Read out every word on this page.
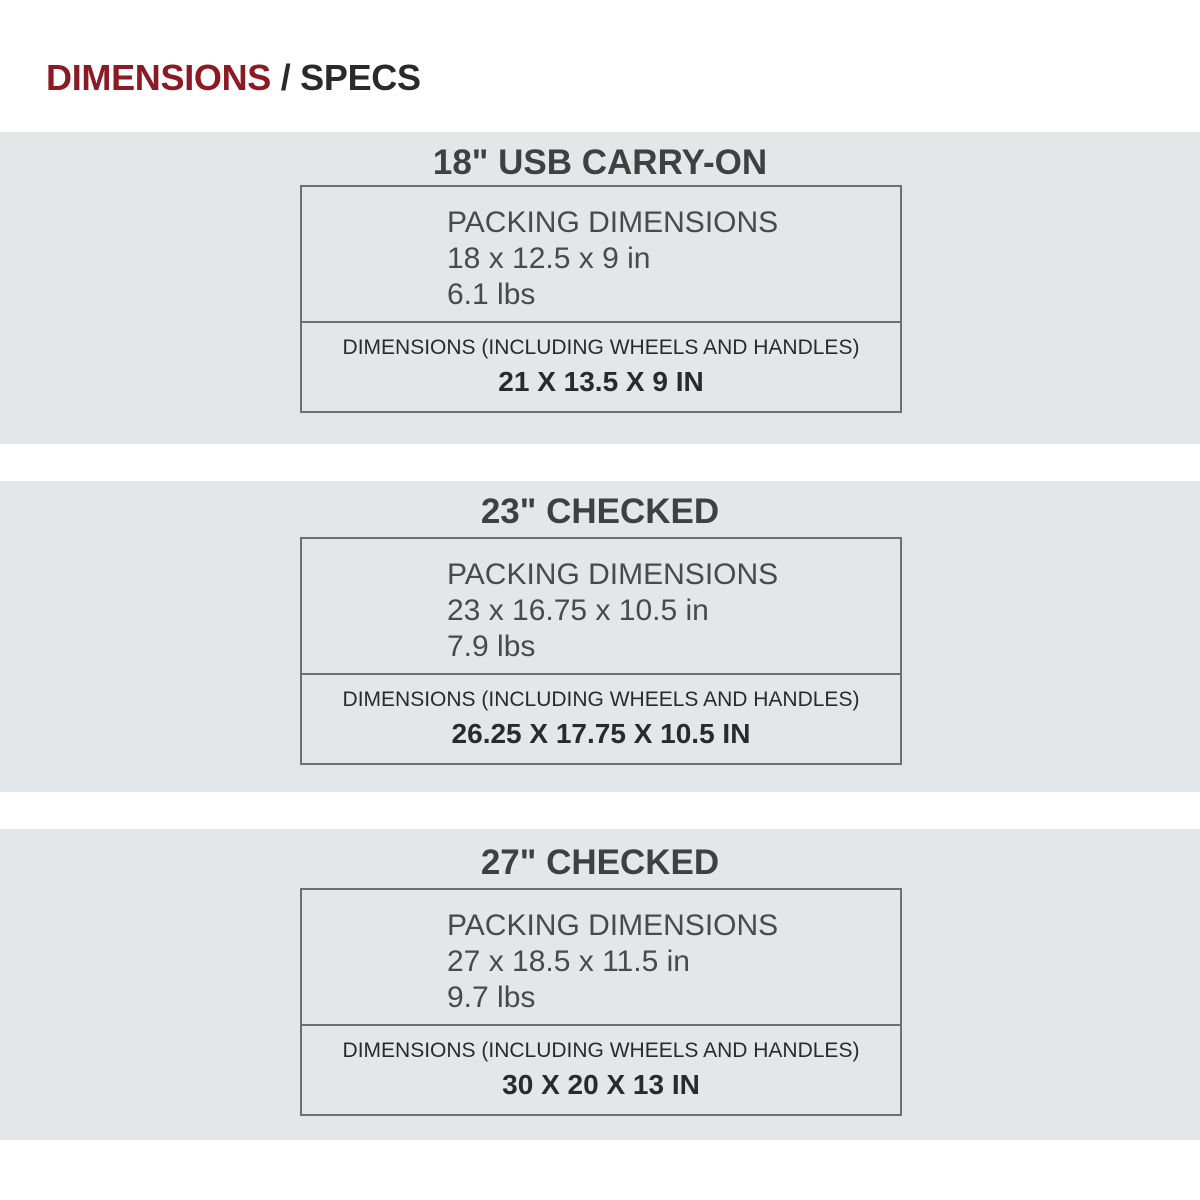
DIMENSIONS / SPECS
18" USB CARRY-ON
PACKING DIMENSIONS
18 x 12.5 x 9 in
6.1 lbs
DIMENSIONS (INCLUDING WHEELS AND HANDLES)
21 X 13.5 X 9 IN
23" CHECKED
PACKING DIMENSIONS
23 x 16.75 x 10.5 in
7.9 lbs
DIMENSIONS (INCLUDING WHEELS AND HANDLES)
26.25 X 17.75 X 10.5 IN
27" CHECKED
PACKING DIMENSIONS
27 x 18.5 x 11.5 in
9.7 lbs
DIMENSIONS (INCLUDING WHEELS AND HANDLES)
30 X 20 X 13 IN
